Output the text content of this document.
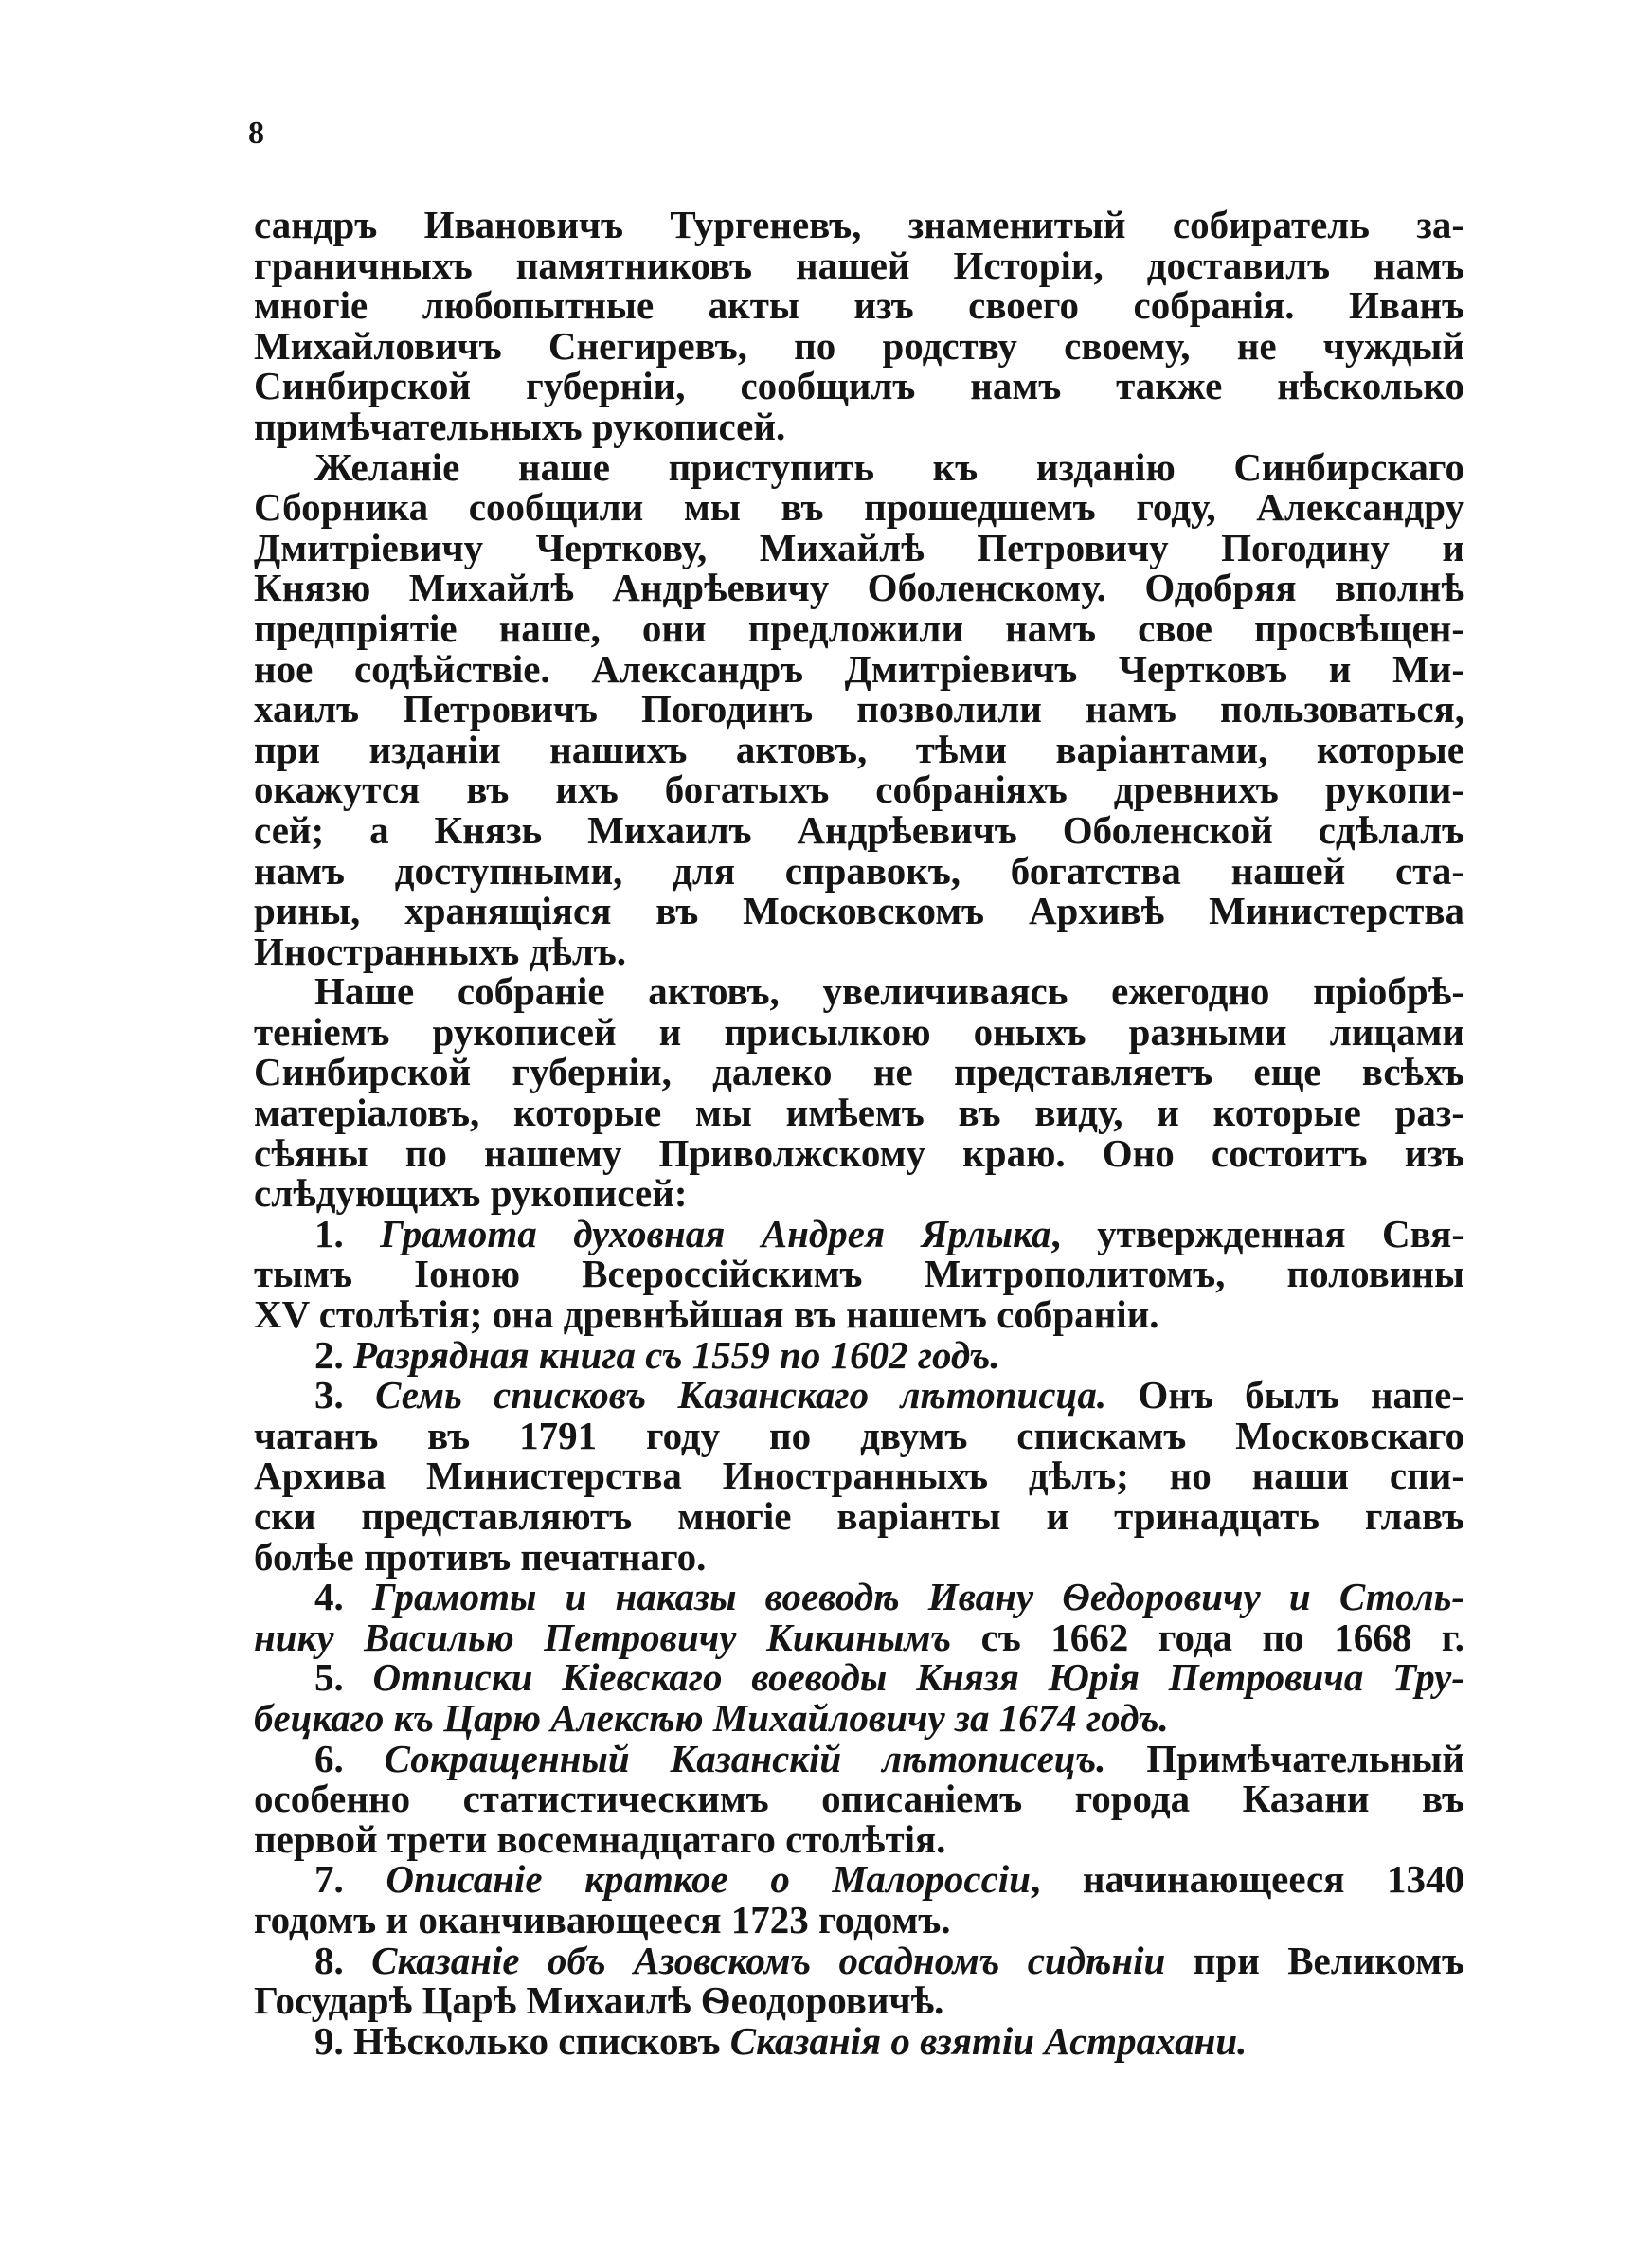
8
сандръ Ивановичъ Тургеневъ, знаменитый собиратель за-
граничныхъ памятниковъ нашей Исторіи, доставилъ намъ
многіе любопытные акты изъ своего собранія. Иванъ
Михайловичъ Снегиревъ, по родству своему, не чуждый
Синбирской губерніи, сообщилъ намъ также нѣсколько
примѣчательныхъ рукописей.
Желаніе наше приступить къ изданію Синбирскаго
Сборника сообщили мы въ прошедшемъ году, Александру
Дмитріевичу Черткову, Михайлѣ Петровичу Погодину и
Князю Михайлѣ Андрѣевичу Оболенскому. Одобряя вполнѣ
предпріятіе наше, они предложили намъ свое просвѣщен-
ное содѣйствіе. Александръ Дмитріевичъ Чертковъ и Ми-
хаилъ Петровичъ Погодинъ позволили намъ пользоваться,
при изданіи нашихъ актовъ, тѣми варіантами, которые
окажутся въ ихъ богатыхъ собраніяхъ древнихъ рукопи-
сей; а Князь Михаилъ Андрѣевичъ Оболенской сдѣлалъ
намъ доступными, для справокъ, богатства нашей ста-
рины, хранящіяся въ Московскомъ Архивѣ Министерства
Иностранныхъ дѣлъ.
Наше собраніе актовъ, увеличиваясь ежегодно пріобрѣ-
теніемъ рукописей и присылкою оныхъ разными лицами
Синбирской губерніи, далеко не представляетъ еще всѣхъ
матеріаловъ, которые мы имѣемъ въ виду, и которые раз-
сѣяны по нашему Приволжскому краю. Оно состоитъ изъ
слѣдующихъ рукописей:
1. Грамота духовная Андрея Ярлыка, утвержденная Свя-
тымъ Іоною Всероссійскимъ Митрополитомъ, половины
XV столѣтія; она древнѣйшая въ нашемъ собраніи.
2. Разрядная книга съ 1559 по 1602 годъ.
3. Семь списковъ Казанскаго лѣтописца. Онъ былъ напе-
чатанъ въ 1791 году по двумъ спискамъ Московскаго
Архива Министерства Иностранныхъ дѣлъ; но наши спи-
ски представляютъ многіе варіанты и тринадцать главъ
болѣе противъ печатнаго.
4. Грамоты и наказы воеводѣ Ивану Ѳедоровичу и Столь-
нику Василью Петровичу Кикинымъ съ 1662 года по 1668 г.
5. Отписки Кіевскаго воеводы Князя Юрія Петровича Тру-
бецкаго къ Царю Алексѣю Михайловичу за 1674 годъ.
6. Сокращенный Казанскій лѣтописецъ. Примѣчательный
особенно статистическимъ описаніемъ города Казани въ
первой трети восемнадцатаго столѣтія.
7. Описаніе краткое о Малороссіи, начинающееся 1340
годомъ и оканчивающееся 1723 годомъ.
8. Сказаніе объ Азовскомъ осадномъ сидѣніи при Великомъ
Государѣ Царѣ Михаилѣ Ѳеодоровичѣ.
9. Нѣсколько списковъ Сказанія о взятіи Астрахани.
